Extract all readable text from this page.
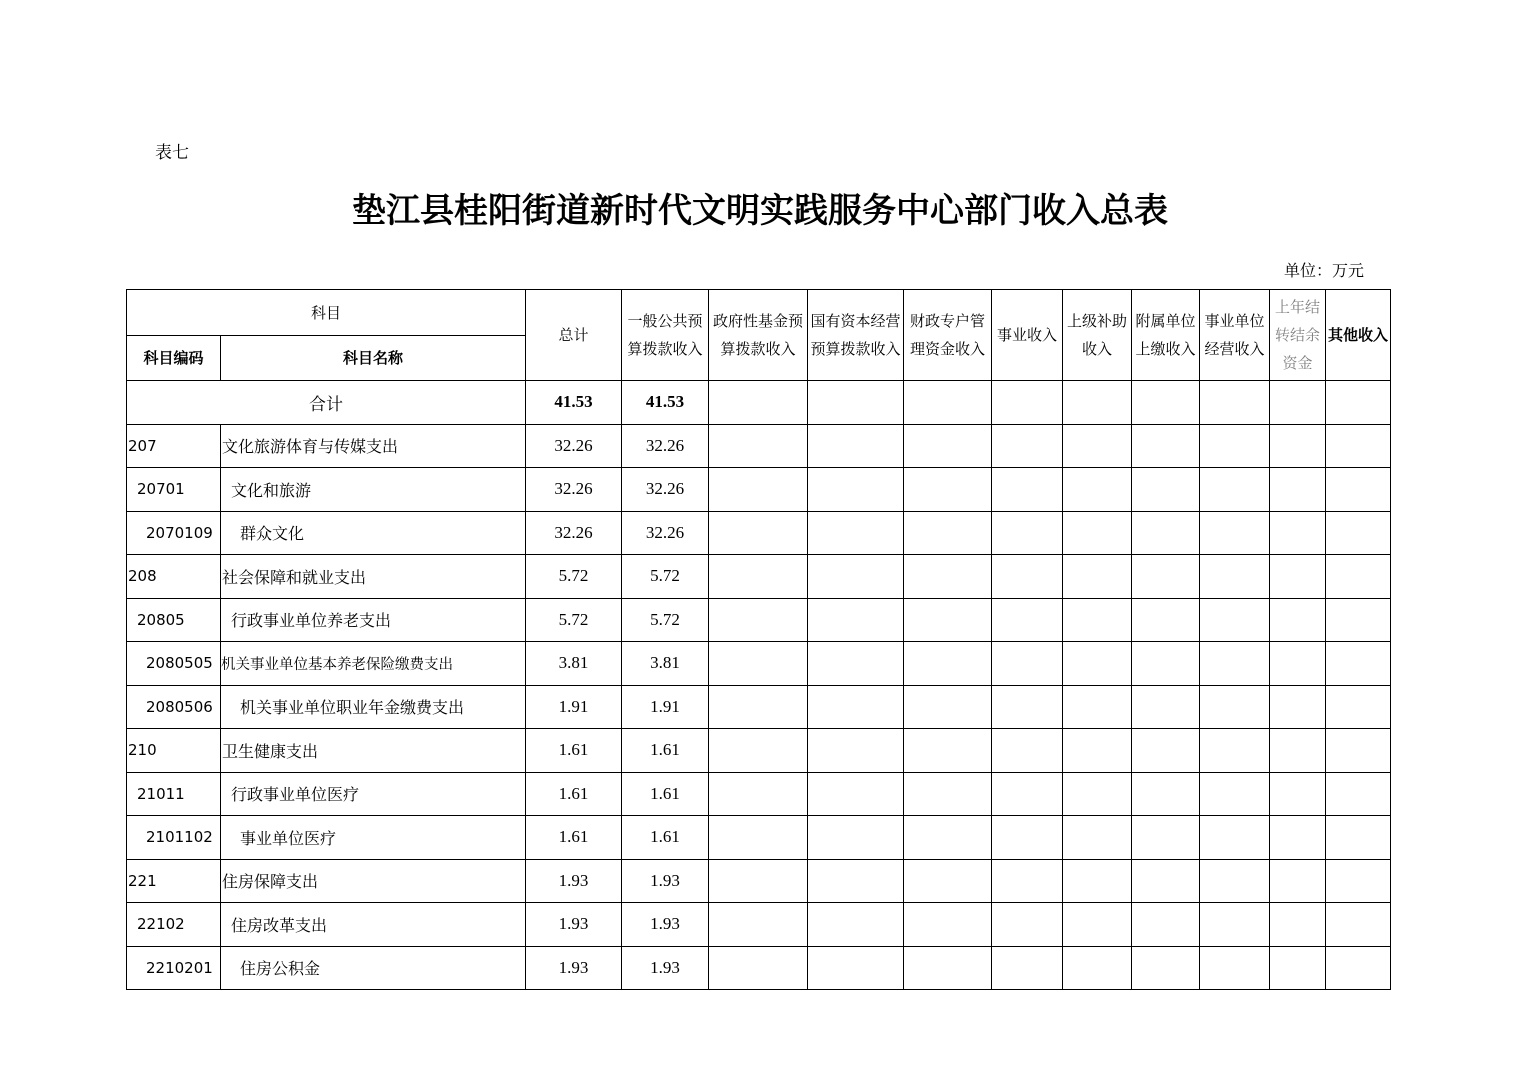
表七
垫江县桂阳街道新时代文明实践服务中心部门收入总表
单位：万元
科目		总计	一般公共预算拨款收入	政府性基金预算拨款收入	国有资本经营预算拨款收入	财政专户管理资金收入	事业收入	上级补助收入	附属单位上缴收入	事业单位经营收入	上年结转结余资金	其他收入
科目编码	科目名称											
合计		41.53	41.53									
207	文化旅游体育与传媒支出	32.26	32.26									
20701	文化和旅游	32.26	32.26									
2070109	群众文化	32.26	32.26									
208	社会保障和就业支出	5.72	5.72									
20805	行政事业单位养老支出	5.72	5.72									
2080505	机关事业单位基本养老保险缴费支出	3.81	3.81									
2080506	机关事业单位职业年金缴费支出	1.91	1.91									
210	卫生健康支出	1.61	1.61									
21011	行政事业单位医疗	1.61	1.61									
2101102	事业单位医疗	1.61	1.61									
221	住房保障支出	1.93	1.93									
22102	住房改革支出	1.93	1.93									
2210201	住房公积金	1.93	1.93									
